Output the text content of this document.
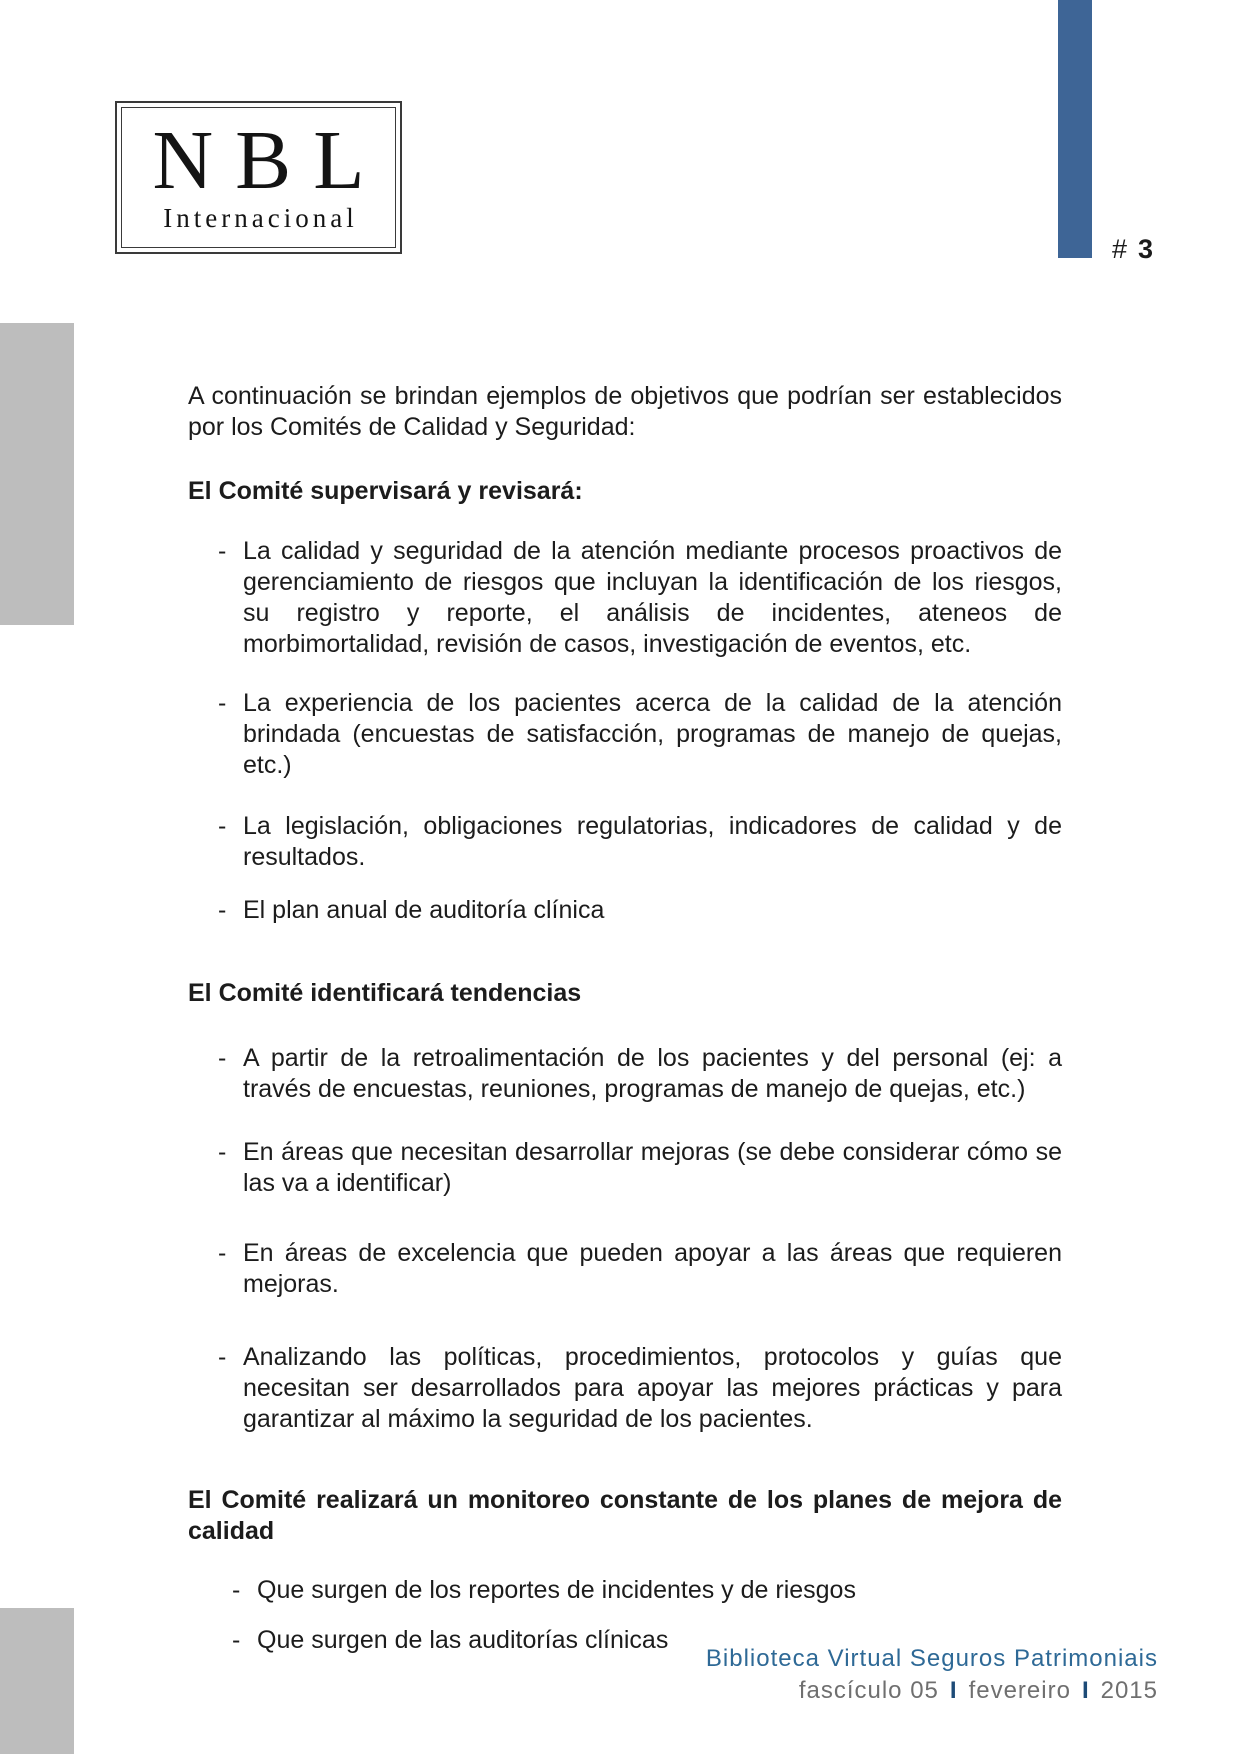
NBL
Internacional
# 3

A continuación se brindan ejemplos de objetivos que podrían ser establecidos por los Comités de Calidad y Seguridad:

El Comité supervisará y revisará:

- La calidad y seguridad de la atención mediante procesos proactivos de gerenciamiento de riesgos que incluyan la identificación de los riesgos, su registro y reporte, el análisis de incidentes, ateneos de morbimortalidad, revisión de casos, investigación de eventos, etc.
- La experiencia de los pacientes acerca de la calidad de la atención brindada (encuestas de satisfacción, programas de manejo de quejas, etc.)
- La legislación, obligaciones regulatorias, indicadores de calidad y de resultados.
- El plan anual de auditoría clínica

El Comité identificará tendencias

- A partir de la retroalimentación de los pacientes y del personal (ej: a través de encuestas, reuniones, programas de manejo de quejas, etc.)
- En áreas que necesitan desarrollar mejoras (se debe considerar cómo se las va a identificar)
- En áreas de excelencia que pueden apoyar a las áreas que requieren mejoras.
- Analizando las políticas, procedimientos, protocolos y guías que necesitan ser desarrollados para apoyar las mejores prácticas y para garantizar al máximo la seguridad de los pacientes.

El Comité realizará un monitoreo constante de los planes de mejora de calidad

- Que surgen de los reportes de incidentes y de riesgos
- Que surgen de las auditorías clínicas
Biblioteca Virtual Seguros Patrimoniais
fascículo 05 I fevereiro I 2015
